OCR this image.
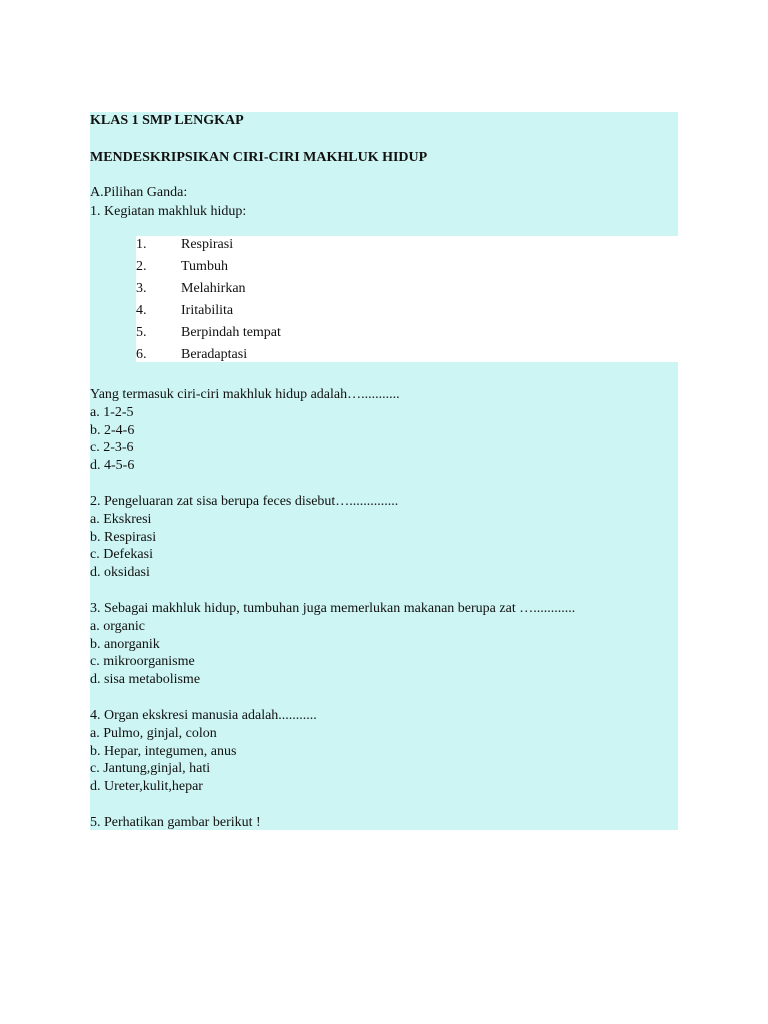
KLAS 1 SMP LENGKAP
MENDESKRIPSIKAN CIRI-CIRI MAKHLUK HIDUP
A.Pilihan Ganda:
1. Kegiatan makhluk hidup:
1. Respirasi
2. Tumbuh
3. Melahirkan
4. Iritabilita
5. Berpindah tempat
6. Beradaptasi
Yang termasuk ciri-ciri makhluk hidup adalah…...........
a. 1-2-5
b. 2-4-6
c. 2-3-6
d. 4-5-6
2. Pengeluaran zat sisa berupa feces disebut…..............
a. Ekskresi
b. Respirasi
c. Defekasi
d. oksidasi
3. Sebagai makhluk hidup, tumbuhan juga memerlukan makanan berupa zat …............
a. organic
b. anorganik
c. mikroorganisme
d. sisa metabolisme
4. Organ ekskresi manusia adalah...........
a. Pulmo, ginjal, colon
b. Hepar, integumen, anus
c. Jantung,ginjal, hati
d. Ureter,kulit,hepar
5. Perhatikan gambar berikut !
